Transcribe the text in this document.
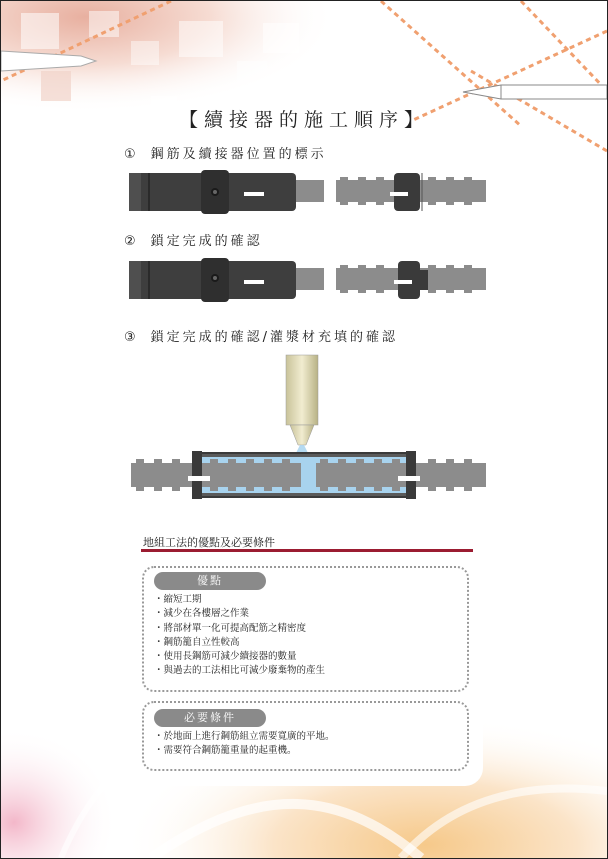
【續接器的施工順序】
① 鋼筋及續接器位置的標示
② 鎖定完成的確認
③ 鎖定完成的確認/灌漿材充填的確認
地組工法的優點及必要條件
優點
・ 縮短工期
・ 減少在各樓層之作業
・ 將部材單一化可提高配筋之精密度
・ 鋼筋籠自立性較高
・ 使用長鋼筋可減少續接器的數量
・ 與過去的工法相比可減少廢棄物的產生
必要條件
・ 於地面上進行鋼筋組立需要寬廣的平地。
・ 需要符合鋼筋籠重量的起重機。
